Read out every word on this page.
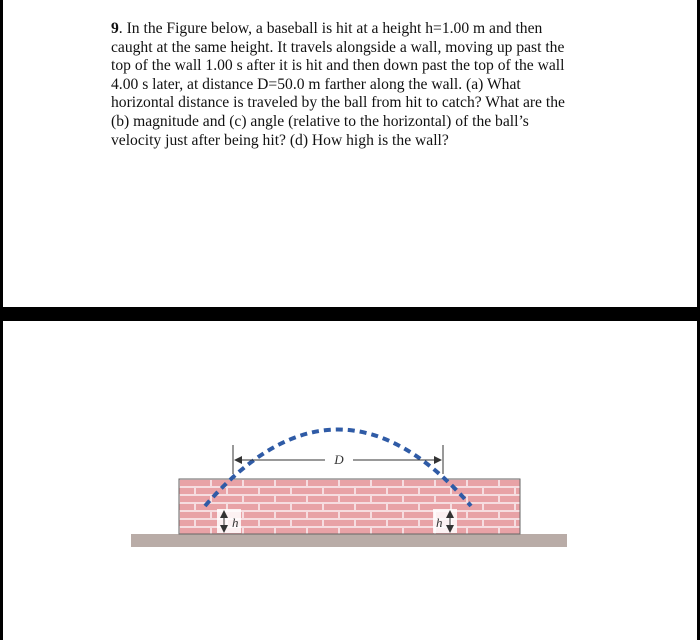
9. In the Figure below, a baseball is hit at a height h=1.00 m and then caught at the same height. It travels alongside a wall, moving up past the top of the wall 1.00 s after it is hit and then down past the top of the wall 4.00 s later, at distance D=50.0 m farther along the wall. (a) What horizontal distance is traveled by the ball from hit to catch? What are the (b) magnitude and (c) angle (relative to the horizontal) of the ball’s velocity just after being hit? (d) How high is the wall?
D
h	h
